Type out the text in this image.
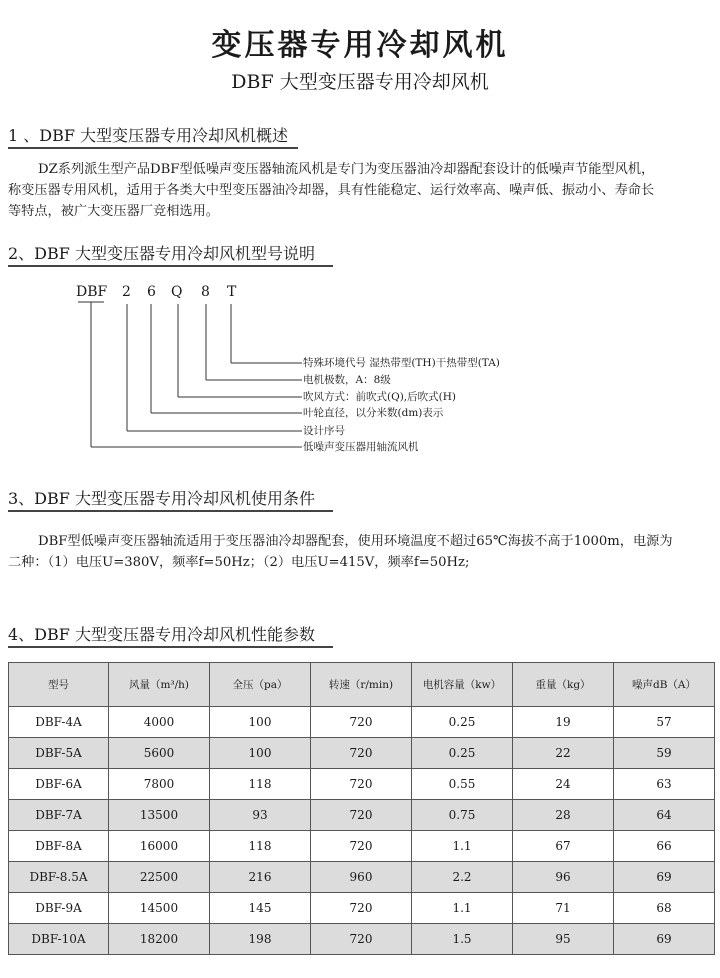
变压器专用冷却风机
DBF 大型变压器专用冷却风机
1 、DBF 大型变压器专用冷却风机概述
DZ系列派生型产品DBF型低噪声变压器轴流风机是专门为变压器油冷却器配套设计的低噪声节能型风机，
称变压器专用风机，适用于各类大中型变压器油冷却器，具有性能稳定、运行效率高、噪声低、振动小、寿命长
等特点，被广大变压器厂竞相选用。
2、DBF 大型变压器专用冷却风机型号说明
DBF 2 6 Q 8 T
特殊环境代号 湿热带型(TH)干热带型(TA)
电机极数，A：8级
吹风方式：前吹式(Q),后吹式(H)
叶轮直径，以分米数(dm)表示
设计序号
低噪声变压器用轴流风机
3、DBF 大型变压器专用冷却风机使用条件
DBF型低噪声变压器轴流适用于变压器油冷却器配套，使用环境温度不超过65℃海拔不高于1000m，电源为
二种：（1）电压U=380V，频率f=50Hz；（2）电压U=415V，频率f=50Hz;
4、DBF 大型变压器专用冷却风机性能参数
型号	风量（m³/h)	全压（pa）	转速（r/min)	电机容量（kw）	重量（kg）	噪声dB（A）
DBF-4A	4000	100	720	0.25	19	57
DBF-5A	5600	100	720	0.25	22	59
DBF-6A	7800	118	720	0.55	24	63
DBF-7A	13500	93	720	0.75	28	64
DBF-8A	16000	118	720	1.1	67	66
DBF-8.5A	22500	216	960	2.2	96	69
DBF-9A	14500	145	720	1.1	71	68
DBF-10A	18200	198	720	1.5	95	69
